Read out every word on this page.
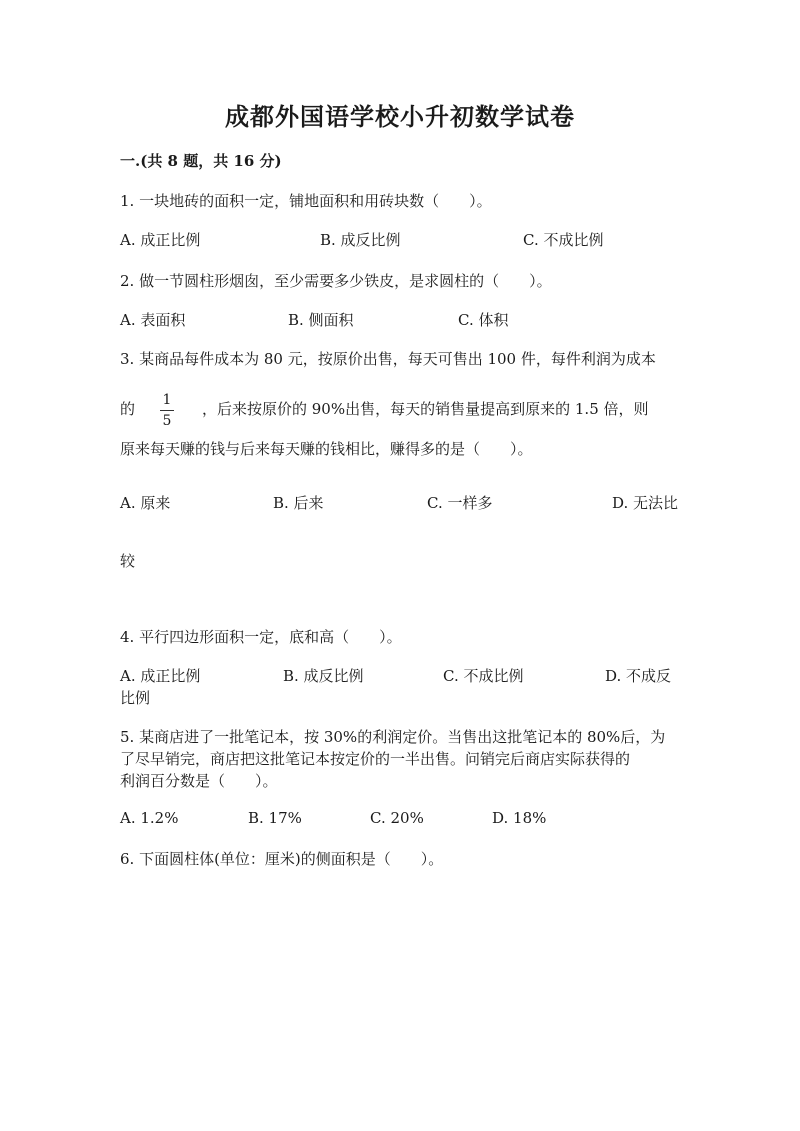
成都外国语学校小升初数学试卷
一.(共 8 题，共 16 分)
1. 一块地砖的面积一定，铺地面积和用砖块数（　　）。
A. 成正比例	B. 成反比例	C. 不成比例
2. 做一节圆柱形烟囱，至少需要多少铁皮，是求圆柱的（　　）。
A. 表面积	B. 侧面积	C. 体积
3. 某商品每件成本为 80 元，按原价出售，每天可售出 100 件，每件利润为成本
的 1
5
，后来按原价的 90%出售，每天的销售量提高到原来的 1.5 倍，则
原来每天赚的钱与后来每天赚的钱相比，赚得多的是（　　）。
A. 原来	B. 后来	C. 一样多	D. 无法比
较
4. 平行四边形面积一定，底和高（　　）。
A. 成正比例	B. 成反比例	C. 不成比例	D. 不成反
比例
5. 某商店进了一批笔记本，按 30%的利润定价。当售出这批笔记本的 80%后，为
了尽早销完，商店把这批笔记本按定价的一半出售。问销完后商店实际获得的
利润百分数是（　　）。
A. 1.2%	B. 17%	C. 20%	D. 18%
6. 下面圆柱体(单位：厘米)的侧面积是（　　）。
